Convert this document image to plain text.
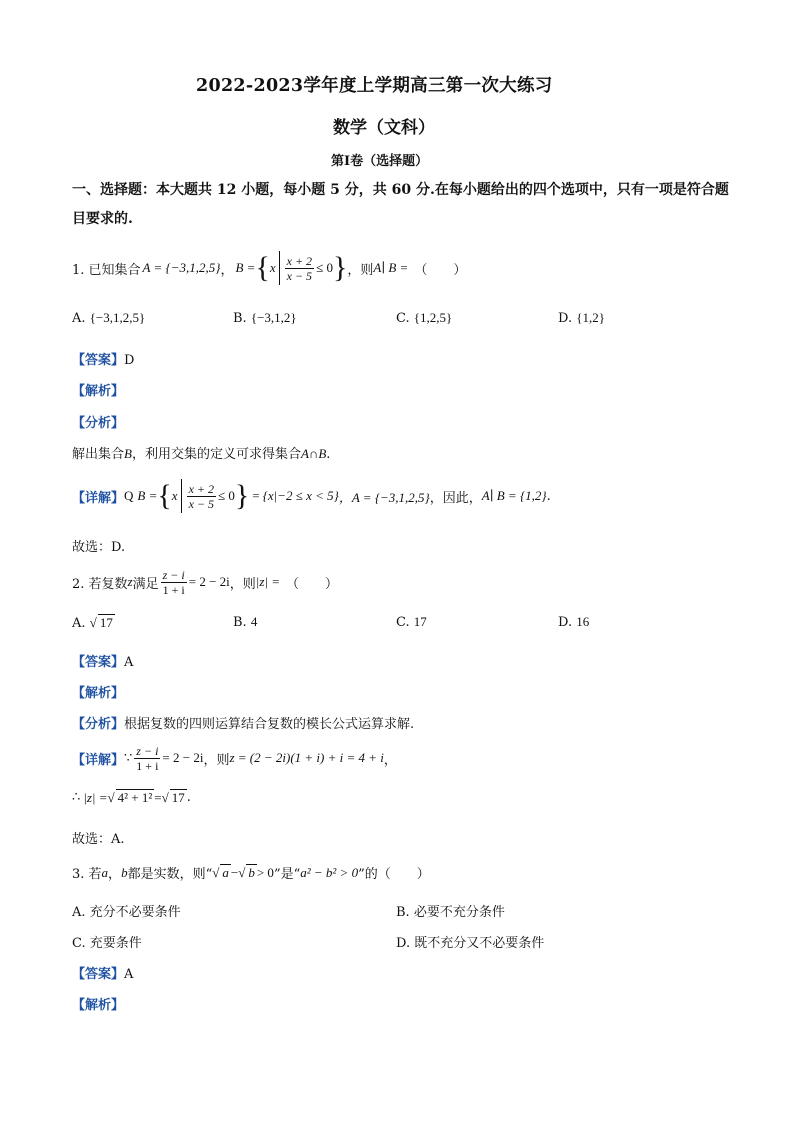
2022-2023学年度上学期高三第一次大练习
数学（文科）
第I卷（选择题）
一、选择题：本大题共 12 小题，每小题 5 分，共 60 分.在每小题给出的四个选项中，只有一项是符合题目要求的.
1. 已知集合 A = {−3,1,2,5} ， B = { x $\frac{x + 2}{x - 5} \le 0$ } ，则 A∣ B = （　　）
A. {−3,1,2,5}	B. {−3,1,2}	C. {1,2,5}	D. {1,2}
【答案】D
【解析】
【分析】
解出集合B，利用交集的定义可求得集合A∩B.
【详解】 Q B = { x $\frac{x + 2}{x - 5} \le 0$ } = {x|−2 ≤ x < 5} ，A = {−3,1,2,5} ，因此， A∣ B = {1,2} .
故选：D.
2. 若复数 z 满足 $\frac{z - i}{1 + i} = 2 - 2i$ ，则 |z| = （　　）
A. √ 17	B. 4	C. 17	D. 16
【答案】A
【解析】
【分析】根据复数的四则运算结合复数的模长公式运算求解.
【详解】 ∵ $\frac{z - i}{1 + i} = 2 - 2i$ ，则 z = (2 − 2i)(1 + i) + i = 4 + i ，
∴ |z| = √ 4² + 1² = √ 17 .
故选：A.
3. 若 a ， b 都是实数，则“ √ a − √ b > 0 ”是“ a² − b² > 0 ”的（　　）
A. 充分不必要条件	B. 必要不充分条件
C. 充要条件	D. 既不充分又不必要条件
【答案】A
【解析】
